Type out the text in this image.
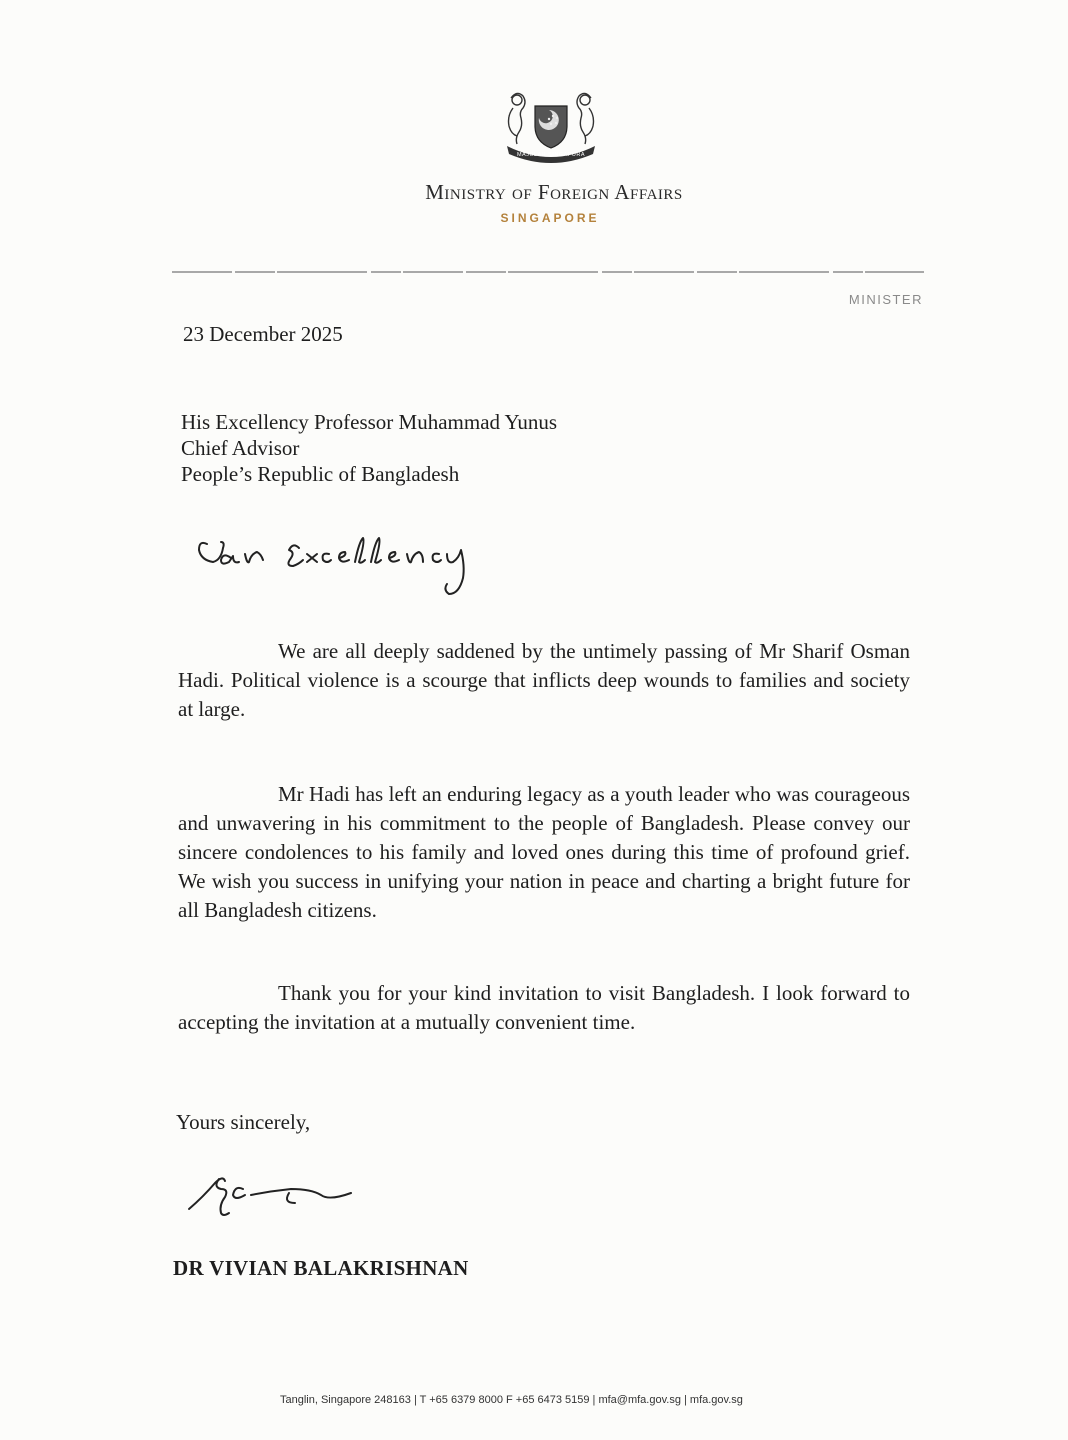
MAJULAH SINGAPURA
Ministry of Foreign Affairs
SINGAPORE
MINISTER
23 December 2025
His Excellency Professor Muhammad Yunus
Chief Advisor
People’s Republic of Bangladesh

We are all deeply saddened by the untimely passing of Mr Sharif Osman Hadi. Political violence is a scourge that inflicts deep wounds to families and society at large.

Mr Hadi has left an enduring legacy as a youth leader who was courageous and unwavering in his commitment to the people of Bangladesh. Please convey our sincere condolences to his family and loved ones during this time of profound grief. We wish you success in unifying your nation in peace and charting a bright future for all Bangladesh citizens.

Thank you for your kind invitation to visit Bangladesh. I look forward to accepting the invitation at a mutually convenient time.

Yours sincerely,
DR VIVIAN BALAKRISHNAN
Tanglin, Singapore 248163 | T +65 6379 8000 F +65 6473 5159 | mfa@mfa.gov.sg | mfa.gov.sg
